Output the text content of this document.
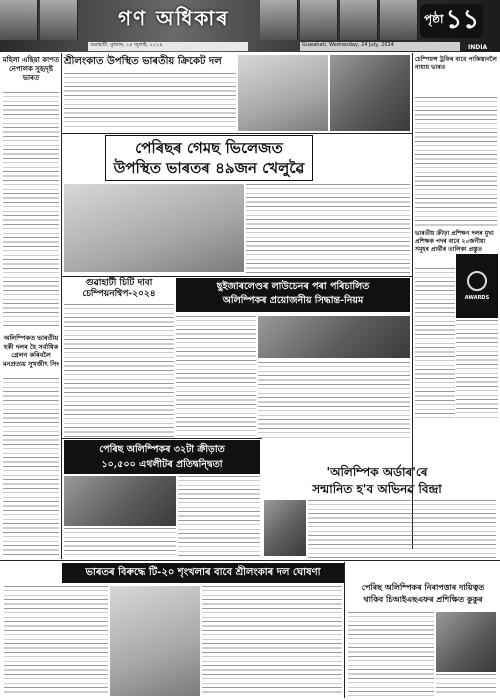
গণ অধিকাৰ	পৃষ্ঠা ১১
গুৱাহাটী, বুধবাৰ, ২৪ জুলাই, ২০২৪	Guwahati, Wednesday, 24 July, 2024	INDIA
মহিলা এছিয়া কাপত নেপালক সুহৃদৃষ্ট ভাৰত
অলিম্পিকত ভাৰতীয় হকী দলৰ হৈ সৰ্বাধিক গ্ৰেলন কৰিবলৈ মনপ্ৰত্যয় সুখজীৎ সিং
শ্ৰীলংকাত উপস্থিত ভাৰতীয় ক্ৰিকেট দল	চেম্পিয়ন্স ট্ৰফিৰ বাবে পাকিস্তানলৈ নাযায় ভাৰত
ভাৰতীয় ক্ৰীড়া প্ৰশিক্ষণ দলৰ মুখ্য প্ৰশিক্ষক পদৰ বাবে ২০জনীয়া সমূহৰ প্ৰাৰ্থীৰ তালিকা প্ৰস্তুত
AWARDS
পেৰিছৰ গেমছ ভিলেজত
উপস্থিত ভাৰতৰ ৪৯জন খেলুৱৈ
গুৱাহাটী চিটি দাবা চেম্পিয়নশ্বিপ-২০২৪
ছুইজাৰলেণ্ডৰ লাউচেনৰ পৰা পৰিচালিত
অলিম্পিকৰ প্ৰয়োজনীয় সিদ্ধান্ত-নিয়ম
পেৰিছ অলিম্পিকৰ ৩২টা ক্ৰীড়াত
১০,৫০০ এথলীটৰ প্ৰতিদ্বন্দ্বিতা
'অলিম্পিক অৰ্ডাৰ'ৰে
সন্মানিত হ'ব অভিনৱ বিন্দ্ৰা
ভাৰতৰ বিৰুদ্ধে টি-২০ শৃংখলাৰ বাবে শ্ৰীলংকাৰ দল ঘোষণা
পেৰিছ অলিম্পিকৰ নিৰাপত্তাৰ দায়িত্বত
থাকিব চিআইএছএফৰ প্ৰশিক্ষিত কুকুৰ
